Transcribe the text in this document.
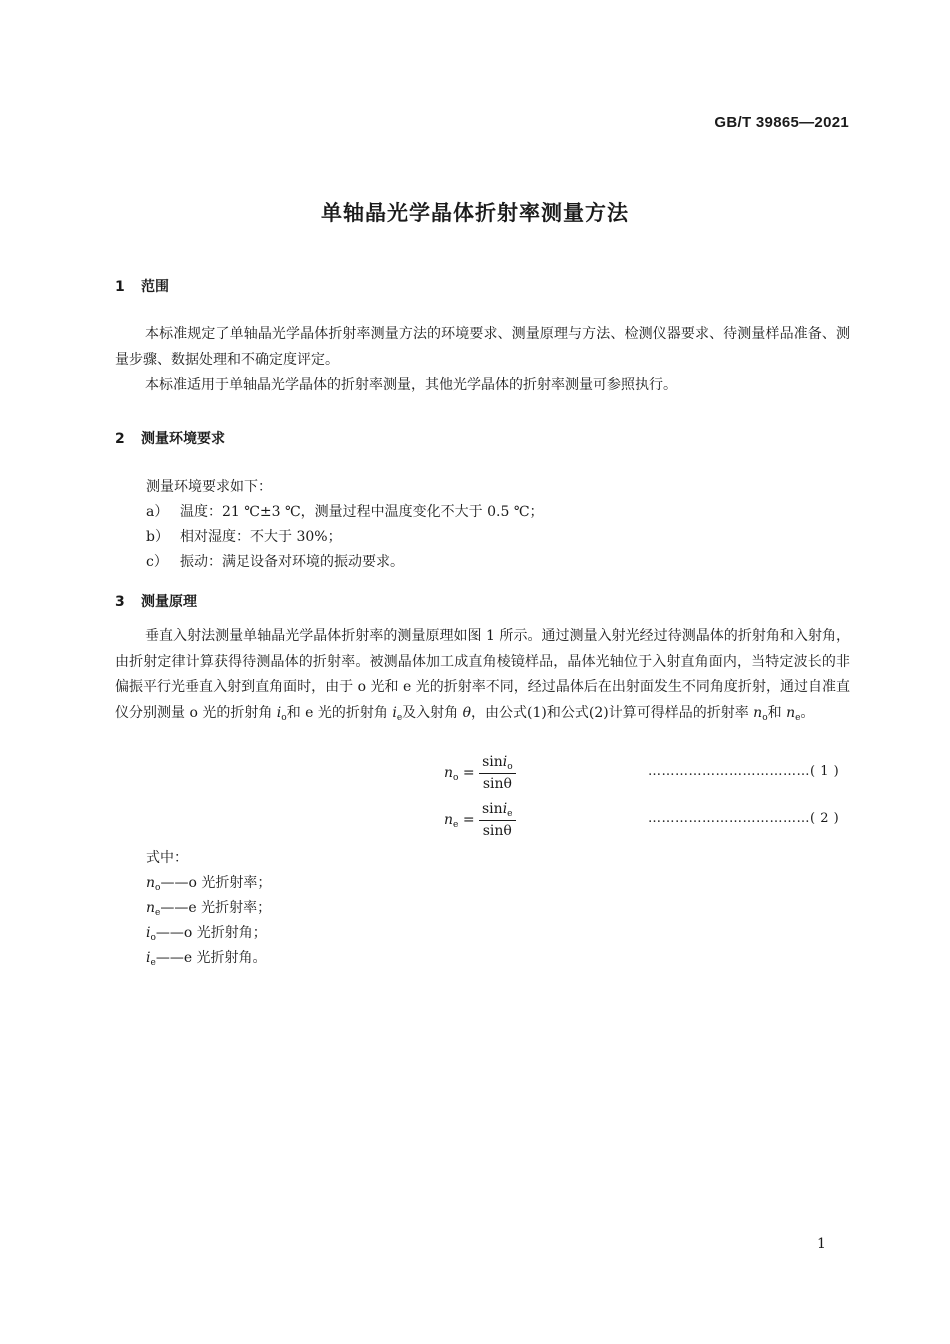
GB/T 39865—2021
单轴晶光学晶体折射率测量方法
1 范围
本标准规定了单轴晶光学晶体折射率测量方法的环境要求、测量原理与方法、检测仪器要求、待测量样品准备、测量步骤、数据处理和不确定度评定。
本标准适用于单轴晶光学晶体的折射率测量，其他光学晶体的折射率测量可参照执行。
2 测量环境要求
测量环境要求如下：
a） 温度：21 ℃±3 ℃，测量过程中温度变化不大于 0.5 ℃；
b） 相对湿度：不大于 30%；
c） 振动：满足设备对环境的振动要求。
3 测量原理
垂直入射法测量单轴晶光学晶体折射率的测量原理如图 1 所示。通过测量入射光经过待测晶体的折射角和入射角，由折射定律计算获得待测晶体的折射率。被测晶体加工成直角棱镜样品，晶体光轴位于入射直角面内，当特定波长的非偏振平行光垂直入射到直角面时，由于 o 光和 e 光的折射率不同，经过晶体后在出射面发生不同角度折射，通过自准直仪分别测量 o 光的折射角 $i_o$和 e 光的折射角 $i_e$及入射角 θ，由公式(1)和公式(2)计算可得样品的折射率 $n_o$和 $n_e$。
$n_o = \frac{\sin i_o}{\sin\theta}$	………………………………( 1 )
$n_e = \frac{\sin i_e}{\sin\theta}$	………………………………( 2 )
式中：
$n_o——o$ 光折射率；
$n_e——e$ 光折射率；
$i_o——o$ 光折射角；
$i_e——e$ 光折射角。
1
